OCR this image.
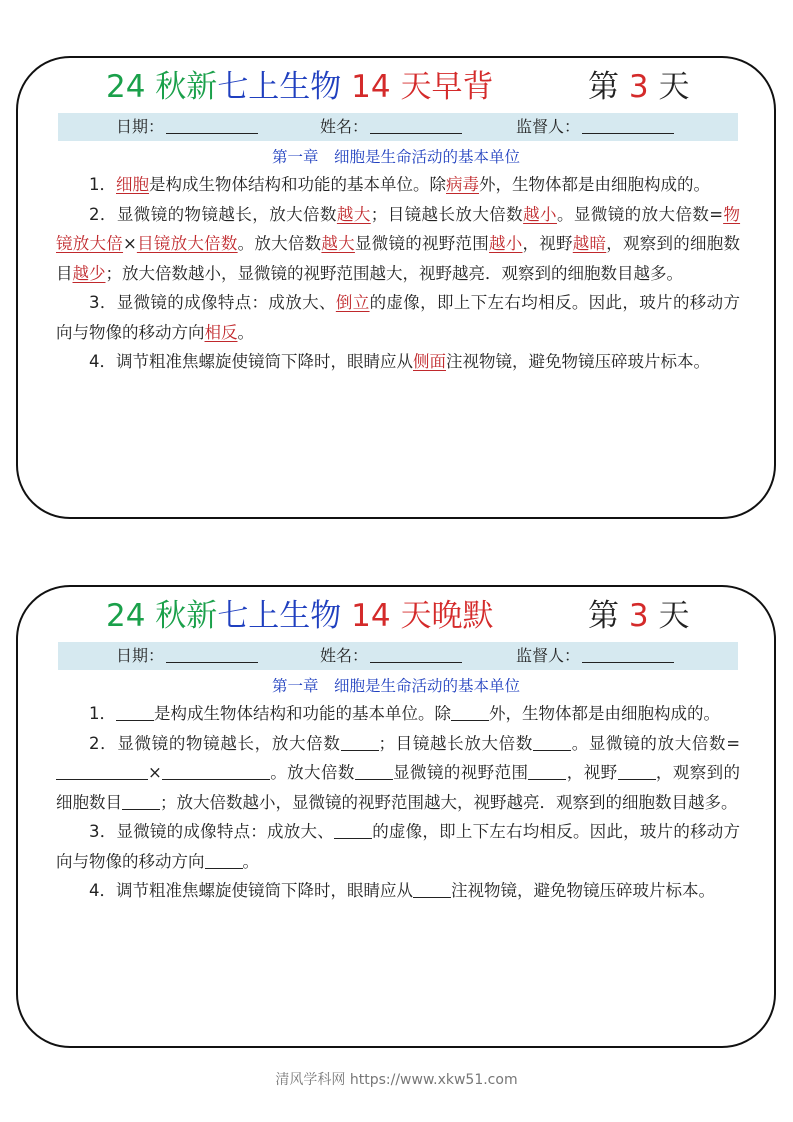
24 秋新七上生物 14 天早背	第 3 天
日期：	姓名：	监督人：
第一章　细胞是生命活动的基本单位

1．细胞是构成生物体结构和功能的基本单位。除病毒外，生物体都是由细胞构成的。

2．显微镜的物镜越长，放大倍数越大；目镜越长放大倍数越小。显微镜的放大倍数=物镜放大倍×目镜放大倍数。放大倍数越大显微镜的视野范围越小，视野越暗，观察到的细胞数目越少；放大倍数越小，显微镜的视野范围越大，视野越亮．观察到的细胞数目越多。

3．显微镜的成像特点：成放大、倒立的虚像，即上下左右均相反。因此，玻片的移动方向与物像的移动方向相反。

4．调节粗准焦螺旋使镜筒下降时，眼睛应从侧面注视物镜，避免物镜压碎玻片标本。

24 秋新七上生物 14 天晚默	第 3 天
日期：	姓名：	监督人：
第一章　细胞是生命活动的基本单位

1． 是构成生物体结构和功能的基本单位。除 外，生物体都是由细胞构成的。

2．显微镜的物镜越长，放大倍数 ；目镜越长放大倍数 。显微镜的放大倍数=×	。放大倍数 显微镜的视野范围 ，视野 ，观察到的细胞数目 ；放大倍数越小，显微镜的视野范围越大，视野越亮．观察到的细胞数目越多。

3．显微镜的成像特点：成放大、 的虚像，即上下左右均相反。因此，玻片的移动方向与物像的移动方向 。

4．调节粗准焦螺旋使镜筒下降时，眼睛应从 注视物镜，避免物镜压碎玻片标本。

清风学科网 https://www.xkw51.com
